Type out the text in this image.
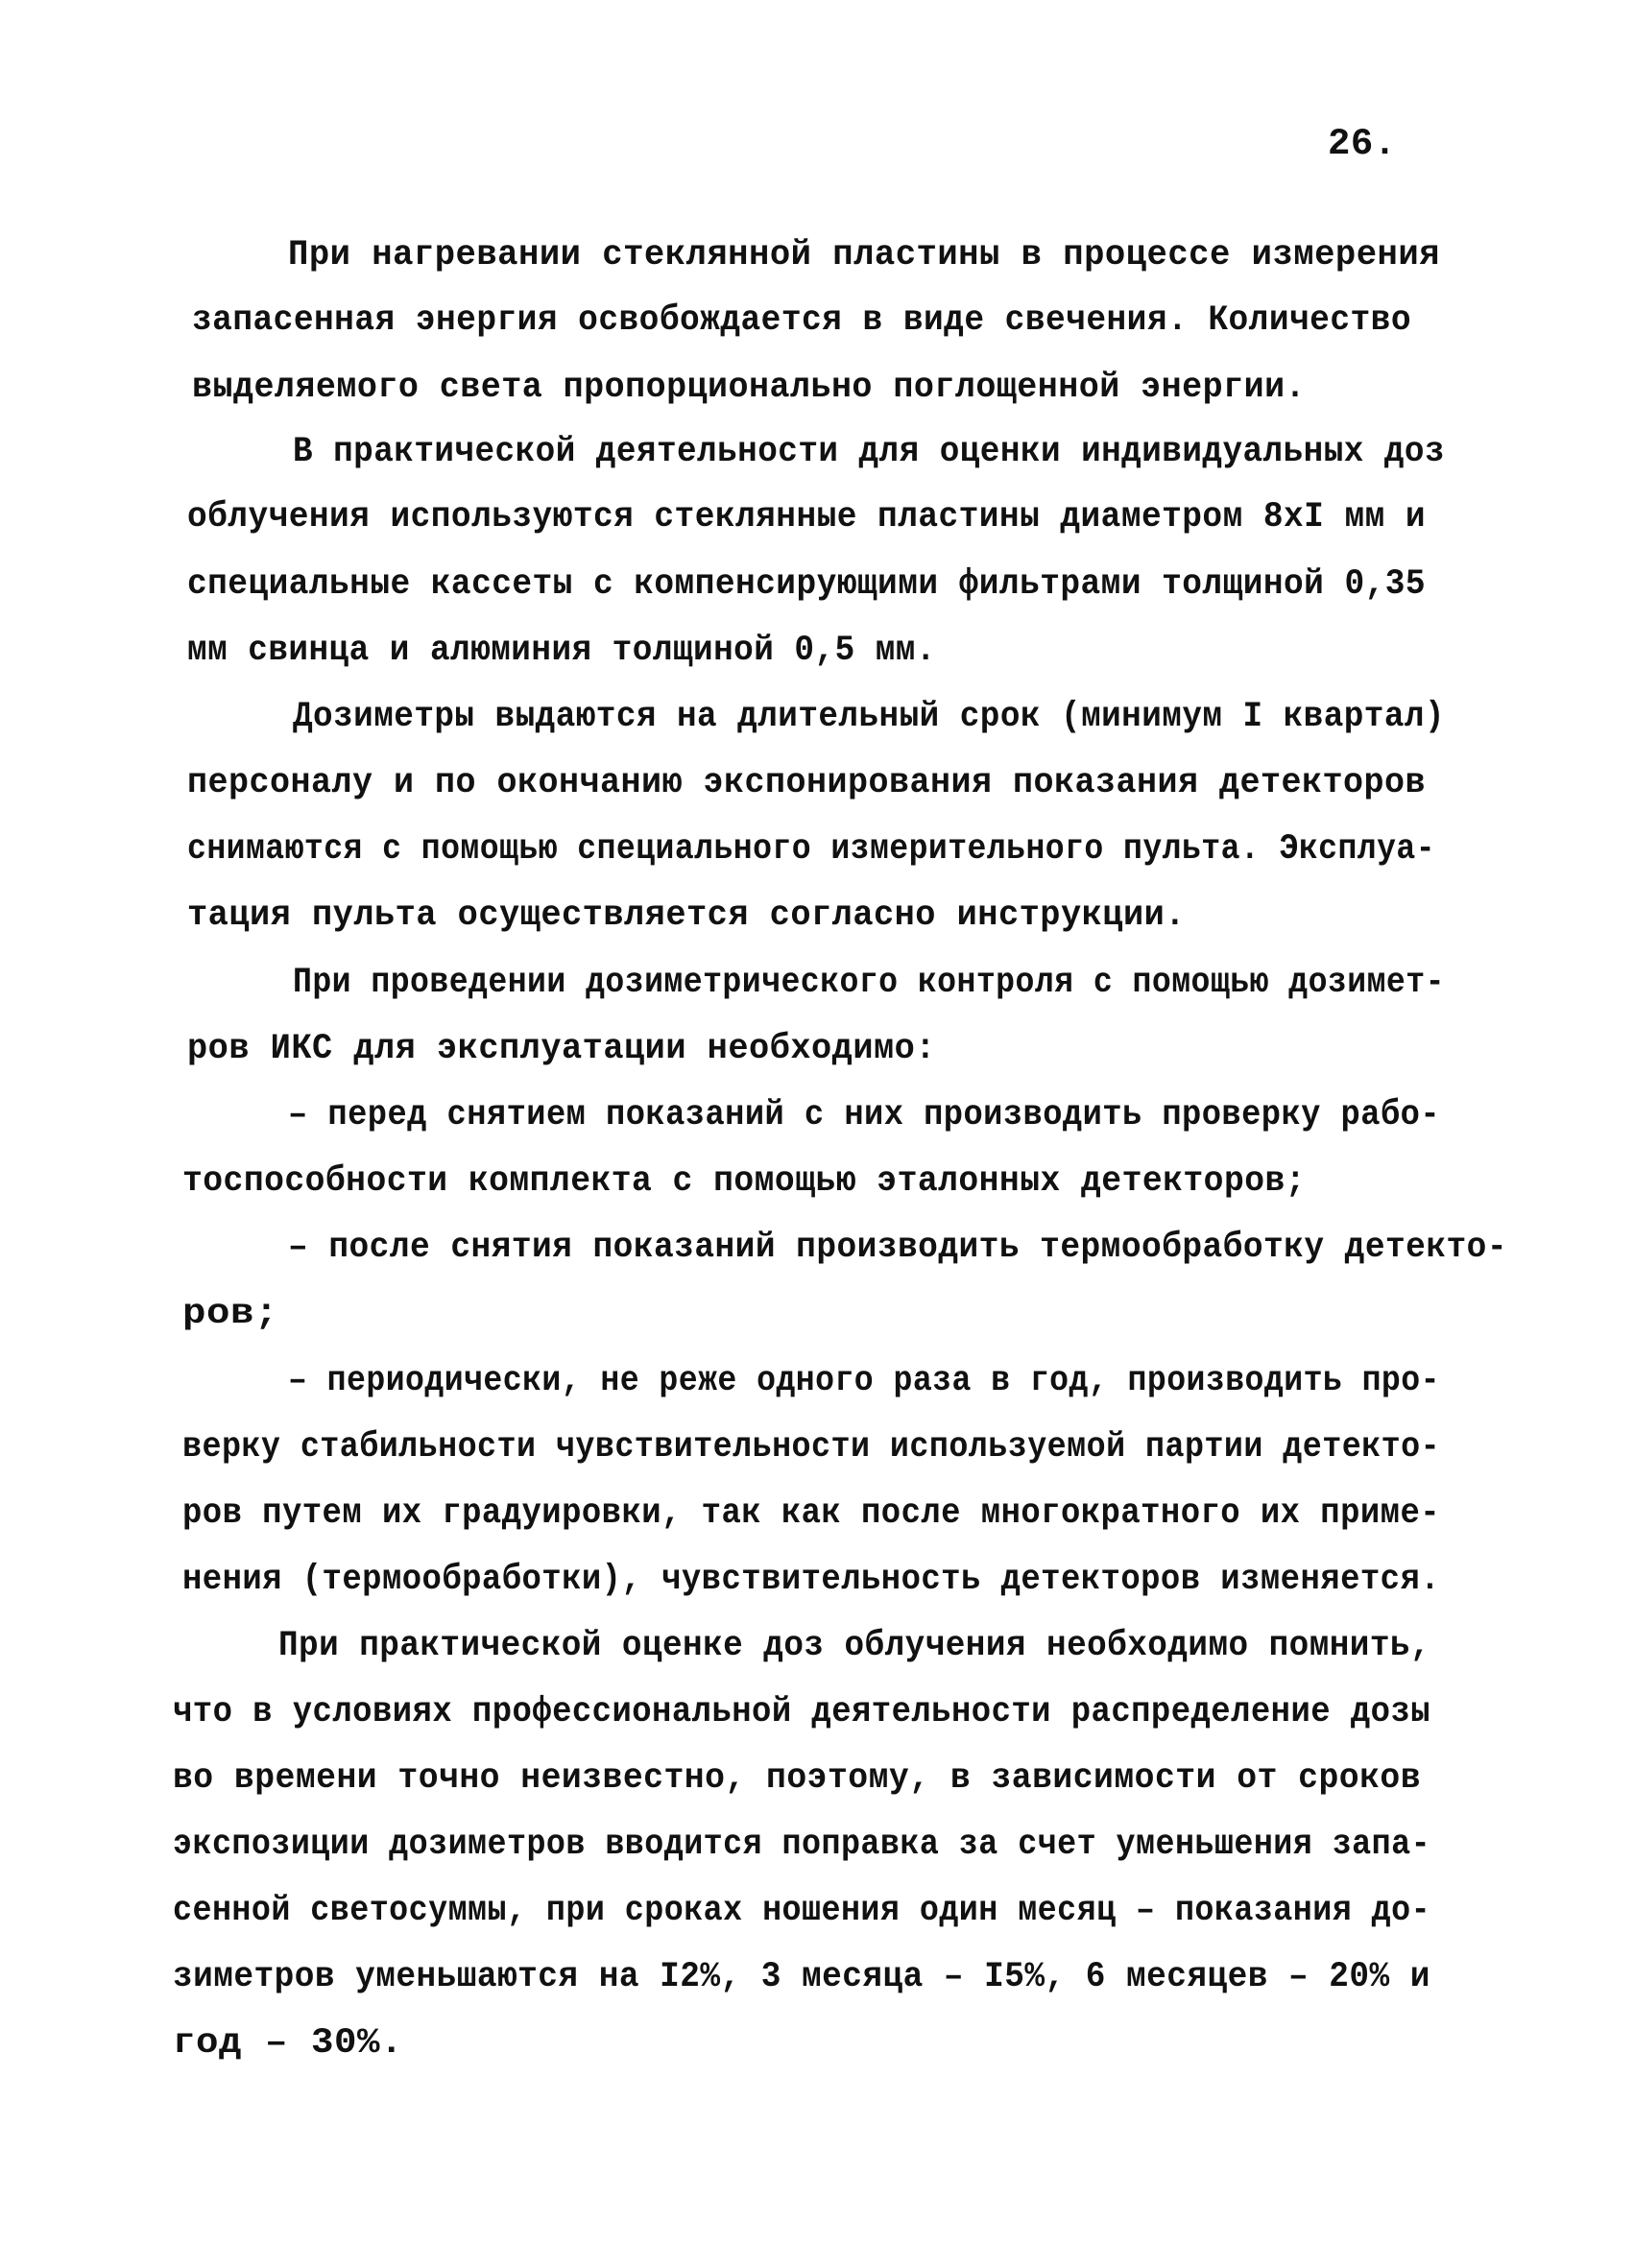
26.
При нагревании стеклянной пластины в процессе измерения
запасенная энергия освобождается в виде свечения. Количество
выделяемого света пропорционально поглощенной энергии.
В практической деятельности для оценки индивидуальных доз
облучения используются стеклянные пластины диаметром 8xI мм и
специальные кассеты с компенсирующими фильтрами толщиной 0,35
мм свинца и алюминия толщиной 0,5 мм.
Дозиметры выдаются на длительный срок (минимум I квартал)
персоналу и по окончанию экспонирования показания детекторов
снимаются с помощью специального измерительного пульта. Эксплуа-
тация пульта осуществляется согласно инструкции.
При проведении дозиметрического контроля с помощью дозимет-
ров ИКС для эксплуатации необходимо:
– перед снятием показаний с них производить проверку рабо-
тоспособности комплекта с помощью эталонных детекторов;
– после снятия показаний производить термообработку детекто-
ров;
– периодически, не реже одного раза в год, производить про-
верку стабильности чувствительности используемой партии детекто-
ров путем их градуировки, так как после многократного их приме-
нения (термообработки), чувствительность детекторов изменяется.
При практической оценке доз облучения необходимо помнить,
что в условиях профессиональной деятельности распределение дозы
во времени точно неизвестно, поэтому, в зависимости от сроков
экспозиции дозиметров вводится поправка за счет уменьшения запа-
сенной светосуммы, при сроках ношения один месяц – показания до-
зиметров уменьшаются на I2%, 3 месяца – I5%, 6 месяцев – 20% и
год – 30%.
